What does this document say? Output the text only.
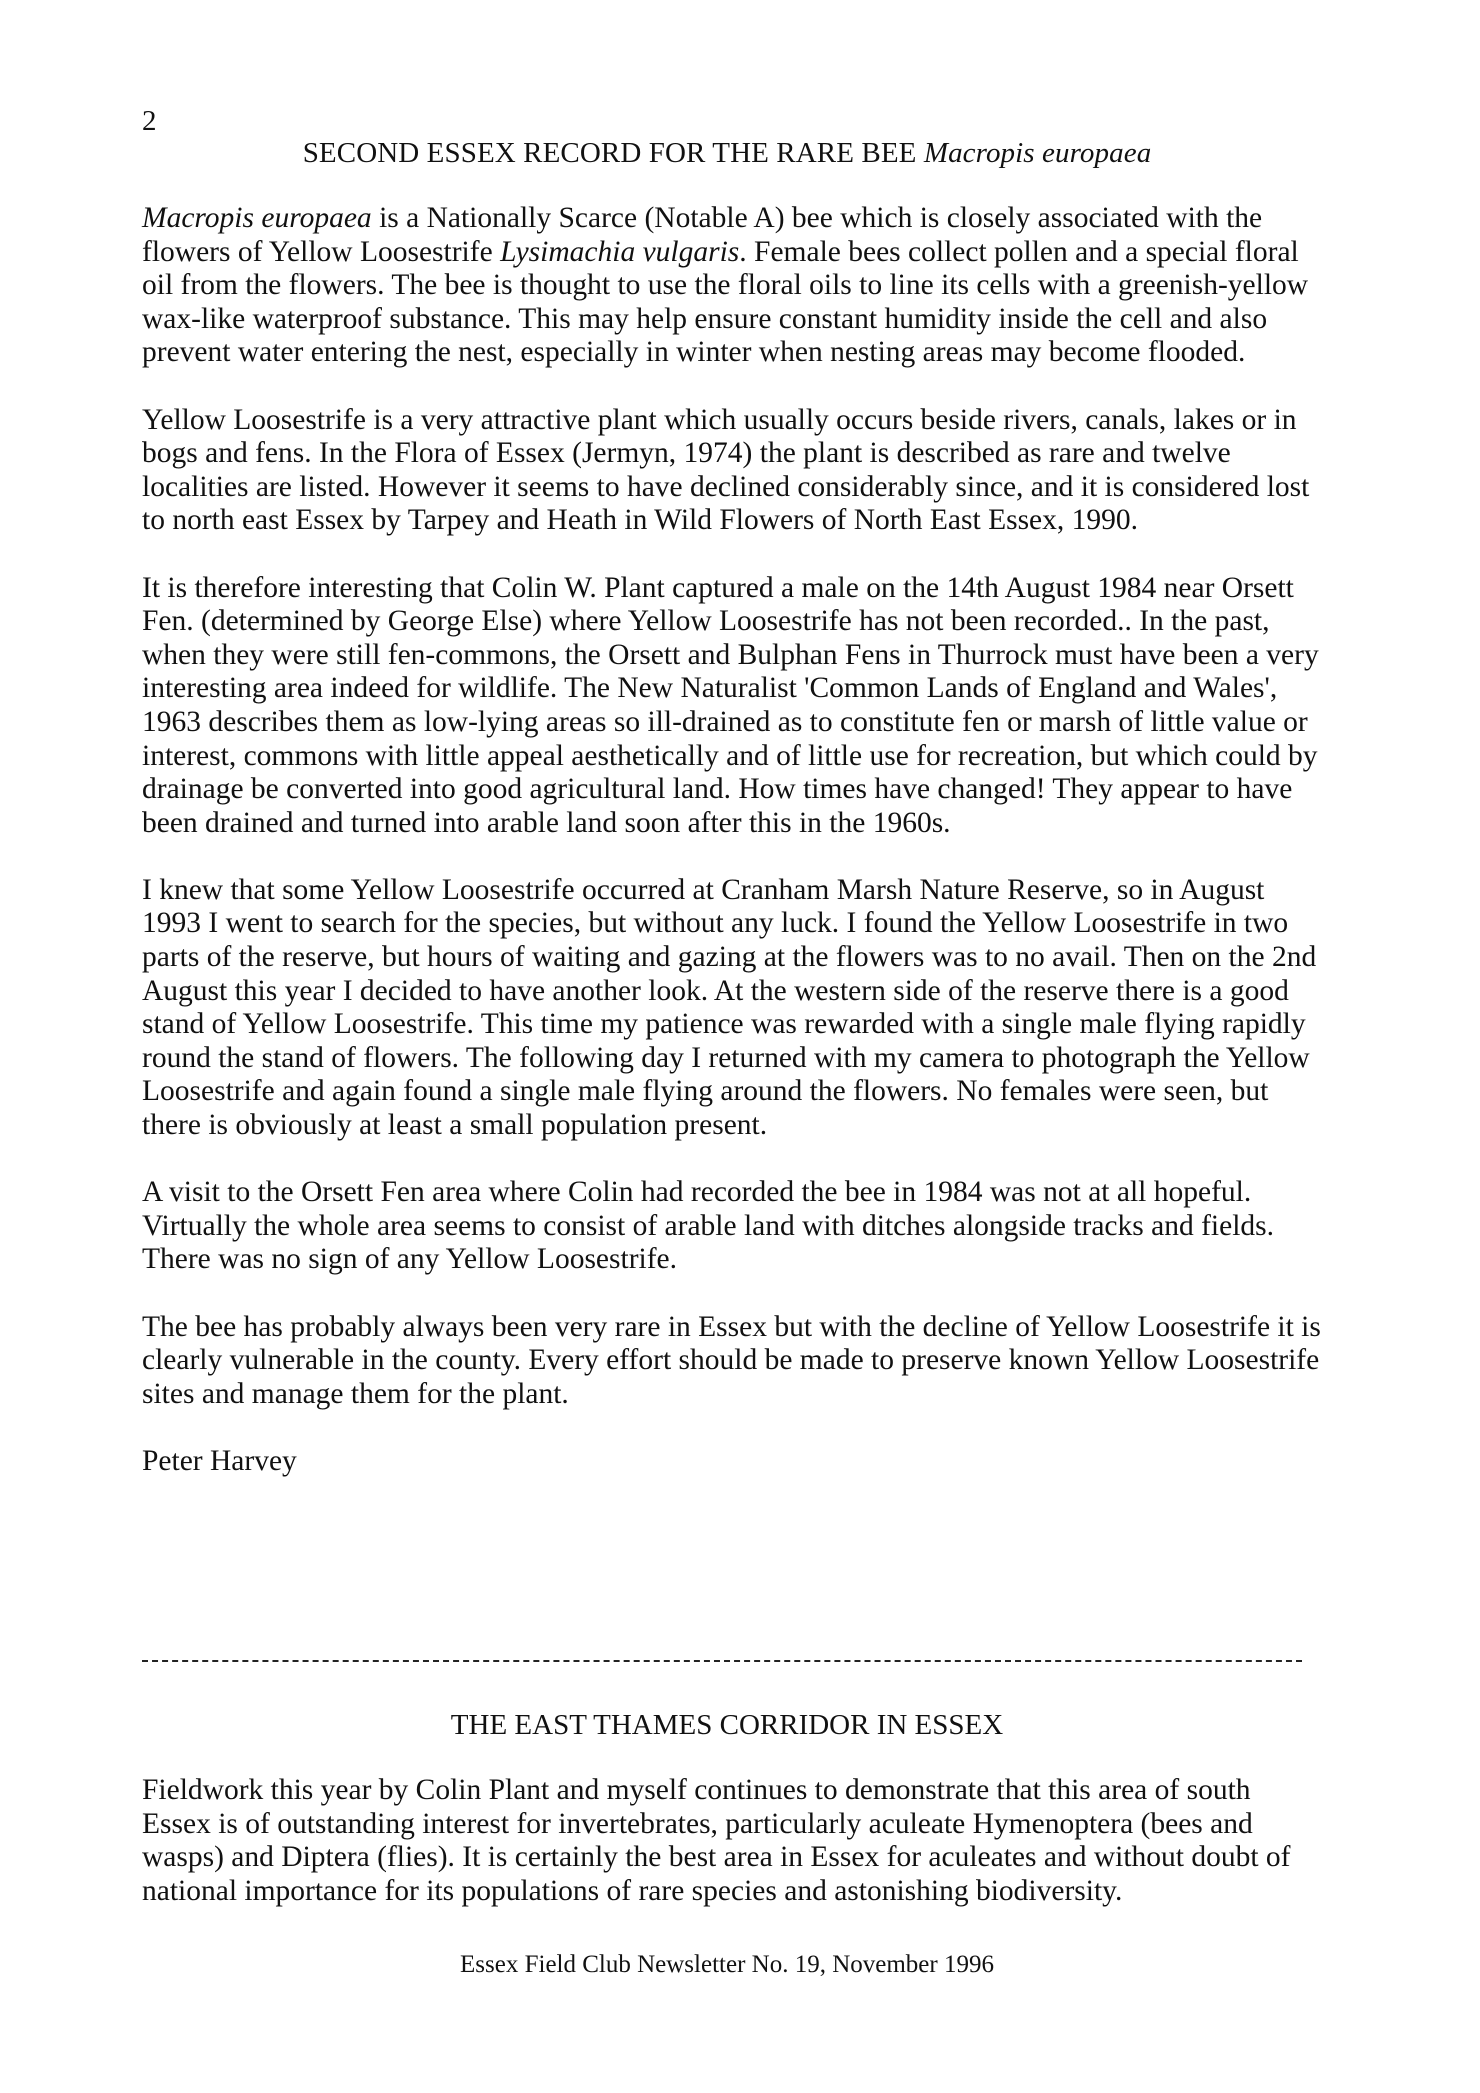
2
SECOND ESSEX RECORD FOR THE RARE BEE Macropis europaea

Macropis europaea is a Nationally Scarce (Notable A) bee which is closely associated with the flowers of Yellow Loosestrife Lysimachia vulgaris. Female bees collect pollen and a special floral oil from the flowers. The bee is thought to use the floral oils to line its cells with a greenish-yellow wax-like waterproof substance. This may help ensure constant humidity inside the cell and also prevent water entering the nest, especially in winter when nesting areas may become flooded.

Yellow Loosestrife is a very attractive plant which usually occurs beside rivers, canals, lakes or in bogs and fens. In the Flora of Essex (Jermyn, 1974) the plant is described as rare and twelve localities are listed. However it seems to have declined considerably since, and it is considered lost to north east Essex by Tarpey and Heath in Wild Flowers of North East Essex, 1990.

It is therefore interesting that Colin W. Plant captured a male on the 14th August 1984 near Orsett Fen. (determined by George Else) where Yellow Loosestrife has not been recorded.. In the past, when they were still fen-commons, the Orsett and Bulphan Fens in Thurrock must have been a very interesting area indeed for wildlife. The New Naturalist 'Common Lands of England and Wales', 1963 describes them as low-lying areas so ill-drained as to constitute fen or marsh of little value or interest, commons with little appeal aesthetically and of little use for recreation, but which could by drainage be converted into good agricultural land. How times have changed! They appear to have been drained and turned into arable land soon after this in the 1960s.

I knew that some Yellow Loosestrife occurred at Cranham Marsh Nature Reserve, so in August 1993 I went to search for the species, but without any luck. I found the Yellow Loosestrife in two parts of the reserve, but hours of waiting and gazing at the flowers was to no avail. Then on the 2nd August this year I decided to have another look. At the western side of the reserve there is a good stand of Yellow Loosestrife. This time my patience was rewarded with a single male flying rapidly round the stand of flowers. The following day I returned with my camera to photograph the Yellow Loosestrife and again found a single male flying around the flowers. No females were seen, but there is obviously at least a small population present.

A visit to the Orsett Fen area where Colin had recorded the bee in 1984 was not at all hopeful. Virtually the whole area seems to consist of arable land with ditches alongside tracks and fields. There was no sign of any Yellow Loosestrife.

The bee has probably always been very rare in Essex but with the decline of Yellow Loosestrife it is clearly vulnerable in the county. Every effort should be made to preserve known Yellow Loosestrife sites and manage them for the plant.

Peter Harvey

THE EAST THAMES CORRIDOR IN ESSEX

Fieldwork this year by Colin Plant and myself continues to demonstrate that this area of south Essex is of outstanding interest for invertebrates, particularly aculeate Hymenoptera (bees and wasps) and Diptera (flies). It is certainly the best area in Essex for aculeates and without doubt of national importance for its populations of rare species and astonishing biodiversity.

Essex Field Club Newsletter No. 19, November 1996
